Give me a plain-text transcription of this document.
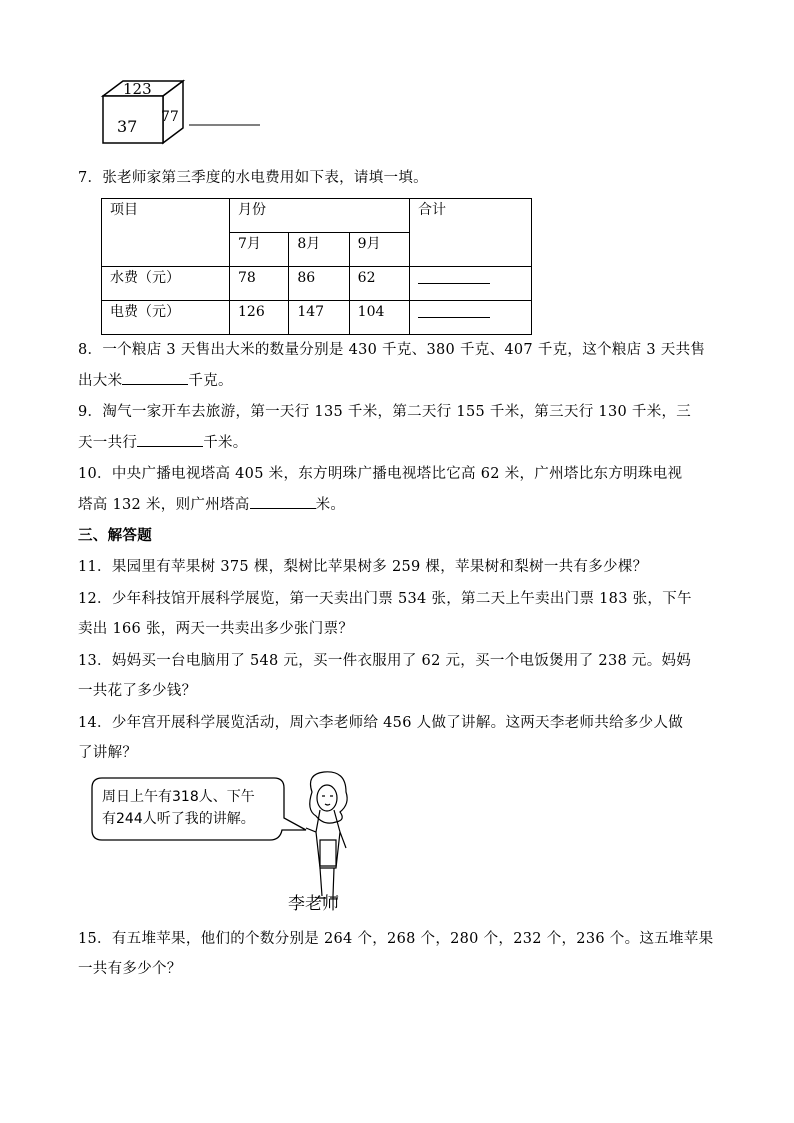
123
77
37
7．张老师家第三季度的水电费用如下表，请填一填。
项目	月份			合计
	7月	8月	9月	
水费（元）	78	86	62	
电费（元）	126	147	104	
8．一个粮店 3 天售出大米的数量分别是 430 千克、380 千克、407 千克，这个粮店 3 天共售
出大米	千克。
9．淘气一家开车去旅游，第一天行 135 千米，第二天行 155 千米，第三天行 130 千米，三
天一共行	千米。
10．中央广播电视塔高 405 米，东方明珠广播电视塔比它高 62 米，广州塔比东方明珠电视
塔高 132 米，则广州塔高	米。
三、解答题
11．果园里有苹果树 375 棵，梨树比苹果树多 259 棵，苹果树和梨树一共有多少棵？
12．少年科技馆开展科学展览，第一天卖出门票 534 张，第二天上午卖出门票 183 张，下午
卖出 166 张，两天一共卖出多少张门票？
13．妈妈买一台电脑用了 548 元，买一件衣服用了 62 元，买一个电饭煲用了 238 元。妈妈
一共花了多少钱？
14．少年宫开展科学展览活动，周六李老师给 456 人做了讲解。这两天李老师共给多少人做
了讲解？
周日上午有318人、下午
有244人听了我的讲解。
李老师
15．有五堆苹果，他们的个数分别是 264 个，268 个，280 个，232 个，236 个。这五堆苹果
一共有多少个？
